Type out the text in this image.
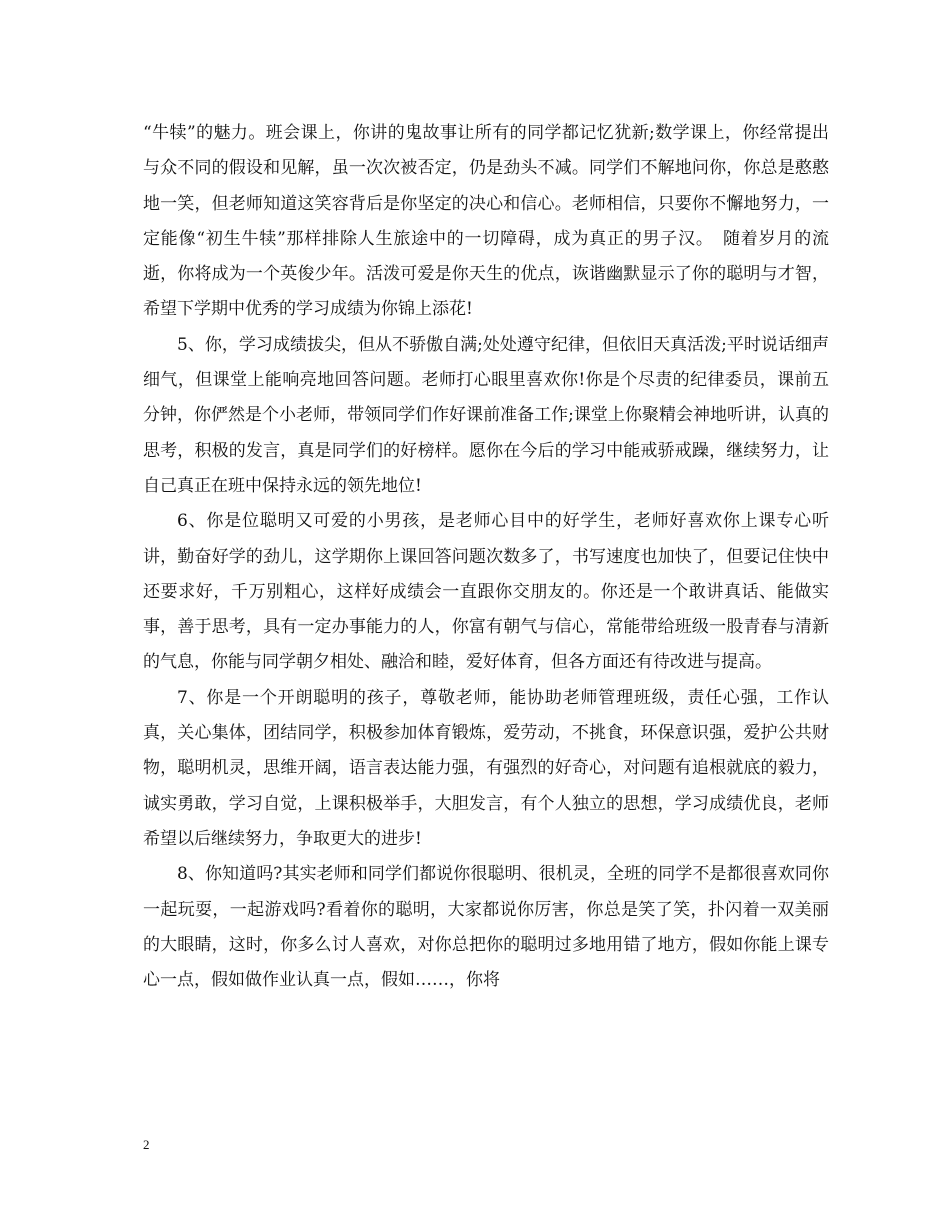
“牛犊”的魅力。班会课上，你讲的鬼故事让所有的同学都记忆犹新;数学课上，你经常提出与众不同的假设和见解，虽一次次被否定，仍是劲头不减。同学们不解地问你，你总是憨憨地一笑，但老师知道这笑容背后是你坚定的决心和信心。老师相信，只要你不懈地努力，一定能像“初生牛犊”那样排除人生旅途中的一切障碍，成为真正的男子汉。　随着岁月的流逝，你将成为一个英俊少年。活泼可爱是你天生的优点，诙谐幽默显示了你的聪明与才智，希望下学期中优秀的学习成绩为你锦上添花!

5、你，学习成绩拔尖，但从不骄傲自满;处处遵守纪律，但依旧天真活泼;平时说话细声细气，但课堂上能响亮地回答问题。老师打心眼里喜欢你!你是个尽责的纪律委员，课前五分钟，你俨然是个小老师，带领同学们作好课前准备工作;课堂上你聚精会神地听讲，认真的思考，积极的发言，真是同学们的好榜样。愿你在今后的学习中能戒骄戒躁，继续努力，让自己真正在班中保持永远的领先地位!

6、你是位聪明又可爱的小男孩，是老师心目中的好学生，老师好喜欢你上课专心听讲，勤奋好学的劲儿，这学期你上课回答问题次数多了，书写速度也加快了，但要记住快中还要求好，千万别粗心，这样好成绩会一直跟你交朋友的。你还是一个敢讲真话、能做实事，善于思考，具有一定办事能力的人，你富有朝气与信心，常能带给班级一股青春与清新的气息，你能与同学朝夕相处、融洽和睦，爱好体育，但各方面还有待改进与提高。

7、你是一个开朗聪明的孩子，尊敬老师，能协助老师管理班级，责任心强，工作认真，关心集体，团结同学，积极参加体育锻炼，爱劳动，不挑食，环保意识强，爱护公共财物，聪明机灵，思维开阔，语言表达能力强，有强烈的好奇心，对问题有追根就底的毅力，诚实勇敢，学习自觉，上课积极举手，大胆发言，有个人独立的思想，学习成绩优良，老师希望以后继续努力，争取更大的进步!

8、你知道吗?其实老师和同学们都说你很聪明、很机灵，全班的同学不是都很喜欢同你一起玩耍，一起游戏吗?看着你的聪明，大家都说你厉害，你总是笑了笑，扑闪着一双美丽的大眼睛，这时，你多么讨人喜欢，对你总把你的聪明过多地用错了地方，假如你能上课专心一点，假如做作业认真一点，假如……，你将

2
